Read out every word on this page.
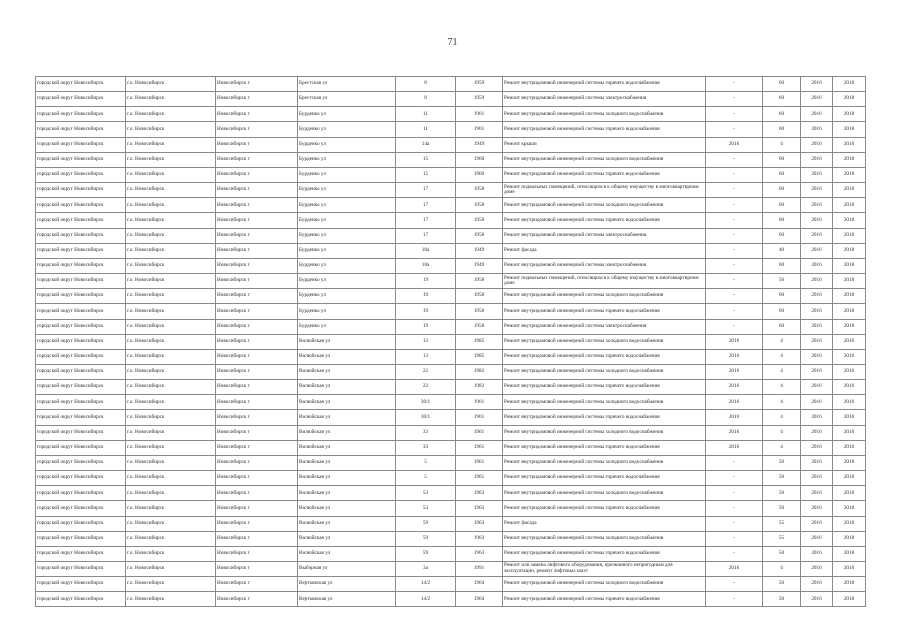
71
городской округ Новосибирск	г.о. Новосибирск	Новосибирск г	Брестская ул	8	1959	Ремонт внутридомовой инженерной системы горячего водоснабжения	-	60	2016	2018
городской округ Новосибирск	г.о. Новосибирск	Новосибирск г	Брестская ул	8	1959	Ремонт внутридомовой инженерной системы электроснабжения	-	60	2016	2018
городской округ Новосибирск	г.о. Новосибирск	Новосибирск г	Бурденко ул	11	1961	Ремонт внутридомовой инженерной системы холодного водоснабжения	-	60	2016	2018
городской округ Новосибирск	г.о. Новосибирск	Новосибирск г	Бурденко ул	11	1961	Ремонт внутридомовой инженерной системы горячего водоснабжения	-	60	2016	2018
городской округ Новосибирск	г.о. Новосибирск	Новосибирск г	Бурденко ул	14а	1949	Ремонт крыши	2016	4	2016	2016
городской округ Новосибирск	г.о. Новосибирск	Новосибирск г	Бурденко ул	15	1960	Ремонт внутридомовой инженерной системы холодного водоснабжения	-	60	2016	2018
городской округ Новосибирск	г.о. Новосибирск	Новосибирск г	Бурденко ул	15	1960	Ремонт внутридомовой инженерной системы горячего водоснабжения	-	60	2016	2018
городской округ Новосибирск	г.о. Новосибирск	Новосибирск г	Бурденко ул	17	1958	Ремонт подвальных помещений, относящихся к общему имуществу в многоквартирном доме	-	60	2016	2018
городской округ Новосибирск	г.о. Новосибирск	Новосибирск г	Бурденко ул	17	1958	Ремонт внутридомовой инженерной системы холодного водоснабжения	-	60	2016	2018
городской округ Новосибирск	г.о. Новосибирск	Новосибирск г	Бурденко ул	17	1958	Ремонт внутридомовой инженерной системы горячего водоснабжения	-	60	2016	2018
городской округ Новосибирск	г.о. Новосибирск	Новосибирск г	Бурденко ул	17	1958	Ремонт внутридомовой инженерной системы электроснабжения	-	60	2016	2018
городской округ Новосибирск	г.о. Новосибирск	Новосибирск г	Бурденко ул	18а	1949	Ремонт фасада	-	40	2016	2018
городской округ Новосибирск	г.о. Новосибирск	Новосибирск г	Бурденко ул	18а	1949	Ремонт внутридомовой инженерной системы электроснабжения	-	60	2016	2018
городской округ Новосибирск	г.о. Новосибирск	Новосибирск г	Бурденко ул	19	1958	Ремонт подвальных помещений, относящихся к общему имуществу в многоквартирном доме	-	56	2016	2018
городской округ Новосибирск	г.о. Новосибирск	Новосибирск г	Бурденко ул	19	1958	Ремонт внутридомовой инженерной системы холодного водоснабжения	-	60	2016	2018
городской округ Новосибирск	г.о. Новосибирск	Новосибирск г	Бурденко ул	19	1958	Ремонт внутридомовой инженерной системы горячего водоснабжения	-	60	2016	2018
городской округ Новосибирск	г.о. Новосибирск	Новосибирск г	Бурденко ул	19	1958	Ремонт внутридомовой инженерной системы электроснабжения	-	60	2016	2018
городской округ Новосибирск	г.о. Новосибирск	Новосибирск г	Вилюйская ул	13	1985	Ремонт внутридомовой инженерной системы холодного водоснабжения	2016	4	2016	2016
городской округ Новосибирск	г.о. Новосибирск	Новосибирск г	Вилюйская ул	13	1985	Ремонт внутридомовой инженерной системы горячего водоснабжения	2016	4	2016	2016
городской округ Новосибирск	г.о. Новосибирск	Новосибирск г	Вилюйская ул	22	1982	Ремонт внутридомовой инженерной системы холодного водоснабжения	2016	4	2016	2016
городской округ Новосибирск	г.о. Новосибирск	Новосибирск г	Вилюйская ул	22	1982	Ремонт внутридомовой инженерной системы горячего водоснабжения	2016	4	2016	2016
городской округ Новосибирск	г.о. Новосибирск	Новосибирск г	Вилюйская ул	30/1	1961	Ремонт внутридомовой инженерной системы холодного водоснабжения	2016	4	2016	2016
городской округ Новосибирск	г.о. Новосибирск	Новосибирск г	Вилюйская ул	30/1	1961	Ремонт внутридомовой инженерной системы горячего водоснабжения	2016	4	2016	2016
городской округ Новосибирск	г.о. Новосибирск	Новосибирск г	Вилюйская ул	33	1961	Ремонт внутридомовой инженерной системы холодного водоснабжения	2016	4	2016	2016
городской округ Новосибирск	г.о. Новосибирск	Новосибирск г	Вилюйская ул	33	1961	Ремонт внутридомовой инженерной системы горячего водоснабжения	2016	4	2016	2016
городской округ Новосибирск	г.о. Новосибирск	Новосибирск г	Вилюйская ул	5	1961	Ремонт внутридомовой инженерной системы холодного водоснабжения	-	50	2016	2018
городской округ Новосибирск	г.о. Новосибирск	Новосибирск г	Вилюйская ул	5	1961	Ремонт внутридомовой инженерной системы горячего водоснабжения	-	50	2016	2018
городской округ Новосибирск	г.о. Новосибирск	Новосибирск г	Вилюйская ул	53	1963	Ремонт внутридомовой инженерной системы холодного водоснабжения	-	50	2016	2018
городской округ Новосибирск	г.о. Новосибирск	Новосибирск г	Вилюйская ул	53	1963	Ремонт внутридомовой инженерной системы горячего водоснабжения	-	50	2016	2018
городской округ Новосибирск	г.о. Новосибирск	Новосибирск г	Вилюйская ул	59	1963	Ремонт фасада	-	55	2016	2018
городской округ Новосибирск	г.о. Новосибирск	Новосибирск г	Вилюйская ул	59	1963	Ремонт внутридомовой инженерной системы холодного водоснабжения	-	55	2016	2018
городской округ Новосибирск	г.о. Новосибирск	Новосибирск г	Вилюйская ул	59	1963	Ремонт внутридомовой инженерной системы горячего водоснабжения	-	50	2016	2018
городской округ Новосибирск	г.о. Новосибирск	Новосибирск г	Выборная ул	3а	1991	Ремонт или замена лифтового оборудования, признанного непригодным для эксплуатации, ремонт лифтовых шахт	2016	4	2016	2016
городской округ Новосибирск	г.о. Новосибирск	Новосибирск г	Вертковская ул	14/2	1964	Ремонт внутридомовой инженерной системы холодного водоснабжения	-	50	2016	2018
городской округ Новосибирск	г.о. Новосибирск	Новосибирск г	Вертковская ул	14/2	1964	Ремонт внутридомовой инженерной системы горячего водоснабжения	-	50	2016	2018
